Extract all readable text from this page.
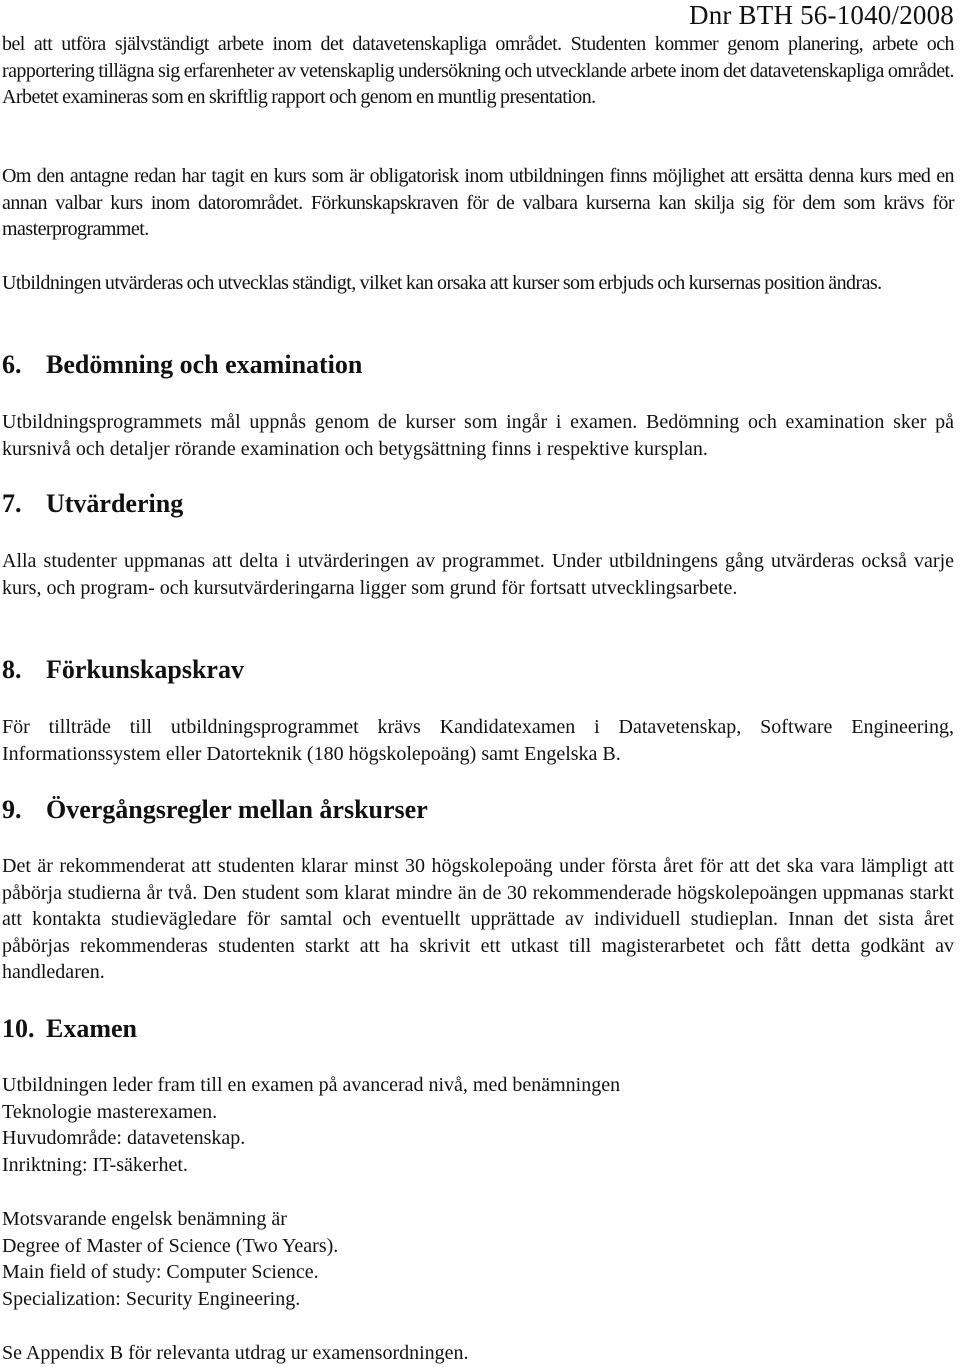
Dnr BTH 56-1040/2008

bel att utföra självständigt arbete inom det datavetenskapliga området. Studenten kommer genom planering, arbete och rapportering tillägna sig erfarenheter av vetenskaplig undersökning och utvecklande arbete inom det datavetenskapliga området. Arbetet examineras som en skriftlig rapport och genom en muntlig presentation.

Om den antagne redan har tagit en kurs som är obligatorisk inom utbildningen finns möjlighet att ersätta denna kurs med en annan valbar kurs inom datorområdet. Förkunskapskraven för de valbara kurserna kan skilja sig för dem som krävs för masterprogrammet.

Utbildningen utvärderas och utvecklas ständigt, vilket kan orsaka att kurser som erbjuds och kursernas position ändras.

6. Bedömning och examination

Utbildningsprogrammets mål uppnås genom de kurser som ingår i examen. Bedömning och examination sker på kursnivå och detaljer rörande examination och betygsättning finns i respektive kursplan.

7. Utvärdering

Alla studenter uppmanas att delta i utvärderingen av programmet. Under utbildningens gång utvärderas också varje kurs, och program- och kursutvärderingarna ligger som grund för fortsatt utvecklingsarbete.

8. Förkunskapskrav

För tillträde till utbildningsprogrammet krävs Kandidatexamen i Datavetenskap, Software Engineering, Informationssystem eller Datorteknik (180 högskolepoäng) samt Engelska B.

9. Övergångsregler mellan årskurser

Det är rekommenderat att studenten klarar minst 30 högskolepoäng under första året för att det ska vara lämpligt att påbörja studierna år två. Den student som klarat mindre än de 30 rekommenderade högskolepoängen uppmanas starkt att kontakta studievägledare för samtal och eventuellt upprättade av individuell studieplan. Innan det sista året påbörjas rekommenderas studenten starkt att ha skrivit ett utkast till magisterarbetet och fått detta godkänt av handledaren.

10. Examen
Utbildningen leder fram till en examen på avancerad nivå, med benämningen
Teknologie masterexamen.
Huvudområde: datavetenskap.
Inriktning: IT-säkerhet.
Motsvarande engelsk benämning är
Degree of Master of Science (Two Years).
Main field of study: Computer Science.
Specialization: Security Engineering.

Se Appendix B för relevanta utdrag ur examensordningen.
